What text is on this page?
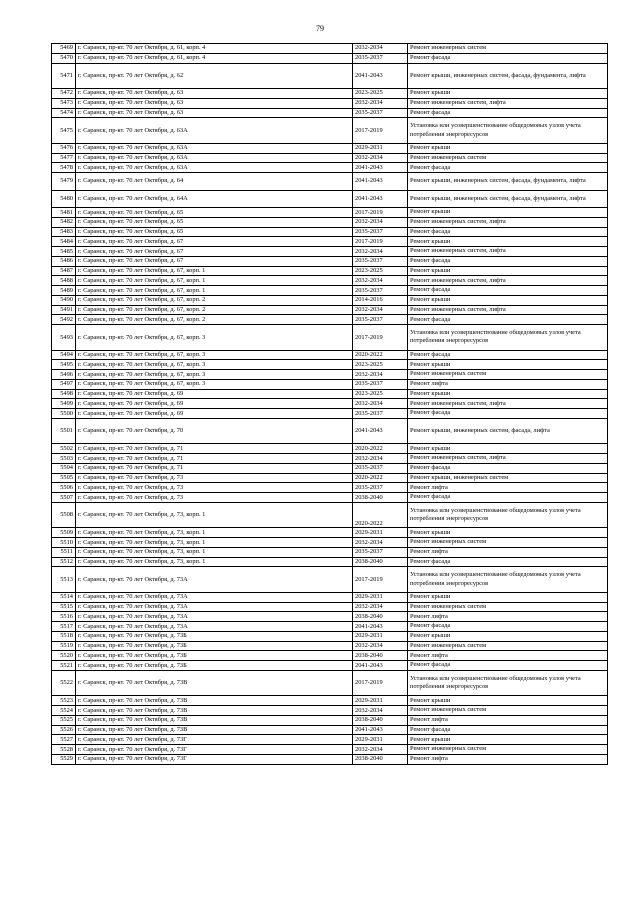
79
5469	г. Саранск, пр-кт. 70 лет Октября, д. 61, корп. 4	2032-2034	Ремонт инженерных систем

5470	г. Саранск, пр-кт. 70 лет Октября, д. 61, корп. 4	2035-2037	Ремонт фасада

5471	г. Саранск, пр-кт. 70 лет Октября, д. 62	2041-2043	Ремонт крыши, инженерных систем, фасада, фундамента, лифта

5472	г. Саранск, пр-кт. 70 лет Октября, д. 63	2023-2025	Ремонт крыши

5473	г. Саранск, пр-кт. 70 лет Октября, д. 63	2032-2034	Ремонт инженерных систем, лифта

5474	г. Саранск, пр-кт. 70 лет Октября, д. 63	2035-2037	Ремонт фасада

5475	г. Саранск, пр-кт. 70 лет Октября, д. 63А	2017-2019	Установка или усовершенствование общедомовых узлов учета потребления энергоресурсов

5476	г. Саранск, пр-кт. 70 лет Октября, д. 63А	2029-2031	Ремонт крыши

5477	г. Саранск, пр-кт. 70 лет Октября, д. 63А	2032-2034	Ремонт инженерных систем

5478	г. Саранск, пр-кт. 70 лет Октября, д. 63А	2041-2043	Ремонт фасада

5479	г. Саранск, пр-кт. 70 лет Октября, д. 64	2041-2043	Ремонт крыши, инженерных систем, фасада, фундамента, лифта

5480	г. Саранск, пр-кт. 70 лет Октября, д. 64А	2041-2043	Ремонт крыши, инженерных систем, фасада, фундамента, лифта

5481	г. Саранск, пр-кт. 70 лет Октября, д. 65	2017-2019	Ремонт крыши

5482	г. Саранск, пр-кт. 70 лет Октября, д. 65	2032-2034	Ремонт инженерных систем, лифта

5483	г. Саранск, пр-кт. 70 лет Октября, д. 65	2035-2037	Ремонт фасада

5484	г. Саранск, пр-кт. 70 лет Октября, д. 67	2017-2019	Ремонт крыши

5485	г. Саранск, пр-кт. 70 лет Октября, д. 67	2032-2034	Ремонт инженерных систем, лифта

5486	г. Саранск, пр-кт. 70 лет Октября, д. 67	2035-2037	Ремонт фасада

5487	г. Саранск, пр-кт. 70 лет Октября, д. 67, корп. 1	2023-2025	Ремонт крыши

5488	г. Саранск, пр-кт. 70 лет Октября, д. 67, корп. 1	2032-2034	Ремонт инженерных систем, лифта

5489	г. Саранск, пр-кт. 70 лет Октября, д. 67, корп. 1	2035-2037	Ремонт фасада

5490	г. Саранск, пр-кт. 70 лет Октября, д. 67, корп. 2	2014-2016	Ремонт крыши

5491	г. Саранск, пр-кт. 70 лет Октября, д. 67, корп. 2	2032-2034	Ремонт инженерных систем, лифта

5492	г. Саранск, пр-кт. 70 лет Октября, д. 67, корп. 2	2035-2037	Ремонт фасада

5493	г. Саранск, пр-кт. 70 лет Октября, д. 67, корп. 3	2017-2019	Установка или усовершенствование общедомовых узлов учета потребления энергоресурсов

5494	г. Саранск, пр-кт. 70 лет Октября, д. 67, корп. 3	2020-2022	Ремонт фасада

5495	г. Саранск, пр-кт. 70 лет Октября, д. 67, корп. 3	2023-2025	Ремонт крыши

5496	г. Саранск, пр-кт. 70 лет Октября, д. 67, корп. 3	2032-2034	Ремонт инженерных систем

5497	г. Саранск, пр-кт. 70 лет Октября, д. 67, корп. 3	2035-2037	Ремонт лифта

5498	г. Саранск, пр-кт. 70 лет Октября, д. 69	2023-2025	Ремонт крыши

5499	г. Саранск, пр-кт. 70 лет Октября, д. 69	2032-2034	Ремонт инженерных систем, лифта

5500	г. Саранск, пр-кт. 70 лет Октября, д. 69	2035-2037	Ремонт фасада

5501	г. Саранск, пр-кт. 70 лет Октября, д. 70	2041-2043	Ремонт крыши, инженерных систем, фасада, лифта

5502	г. Саранск, пр-кт. 70 лет Октября, д. 71	2020-2022	Ремонт крыши

5503	г. Саранск, пр-кт. 70 лет Октября, д. 71	2032-2034	Ремонт инженерных систем, лифта

5504	г. Саранск, пр-кт. 70 лет Октября, д. 71	2035-2037	Ремонт фасада

5505	г. Саранск, пр-кт. 70 лет Октября, д. 73	2020-2022	Ремонт крыши, инженерных систем

5506	г. Саранск, пр-кт. 70 лет Октября, д. 73	2035-2037	Ремонт лифта

5507	г. Саранск, пр-кт. 70 лет Октября, д. 73	2038-2040	Ремонт фасада

5508	г. Саранск, пр-кт. 70 лет Октября, д. 73, корп. 1	2020-2022	Установка или усовершенствование общедомовых узлов учета потребления энергоресурсов

5509	г. Саранск, пр-кт. 70 лет Октября, д. 73, корп. 1	2029-2031	Ремонт крыши

5510	г. Саранск, пр-кт. 70 лет Октября, д. 73, корп. 1	2032-2034	Ремонт инженерных систем

5511	г. Саранск, пр-кт. 70 лет Октября, д. 73, корп. 1	2035-2037	Ремонт лифта

5512	г. Саранск, пр-кт. 70 лет Октября, д. 73, корп. 1	2038-2040	Ремонт фасада

5513	г. Саранск, пр-кт. 70 лет Октября, д. 73А	2017-2019	Установка или усовершенствование общедомовых узлов учета потребления энергоресурсов

5514	г. Саранск, пр-кт. 70 лет Октября, д. 73А	2029-2031	Ремонт крыши

5515	г. Саранск, пр-кт. 70 лет Октября, д. 73А	2032-2034	Ремонт инженерных систем

5516	г. Саранск, пр-кт. 70 лет Октября, д. 73А	2038-2040	Ремонт лифта

5517	г. Саранск, пр-кт. 70 лет Октября, д. 73А	2041-2043	Ремонт фасада

5518	г. Саранск, пр-кт. 70 лет Октября, д. 73Б	2029-2031	Ремонт крыши

5519	г. Саранск, пр-кт. 70 лет Октября, д. 73Б	2032-2034	Ремонт инженерных систем

5520	г. Саранск, пр-кт. 70 лет Октября, д. 73Б	2038-2040	Ремонт лифта

5521	г. Саранск, пр-кт. 70 лет Октября, д. 73Б	2041-2043	Ремонт фасада

5522	г. Саранск, пр-кт. 70 лет Октября, д. 73В	2017-2019	Установка или усовершенствование общедомовых узлов учета потребления энергоресурсов

5523	г. Саранск, пр-кт. 70 лет Октября, д. 73В	2029-2031	Ремонт крыши

5524	г. Саранск, пр-кт. 70 лет Октября, д. 73В	2032-2034	Ремонт инженерных систем

5525	г. Саранск, пр-кт. 70 лет Октября, д. 73В	2038-2040	Ремонт лифта

5526	г. Саранск, пр-кт. 70 лет Октября, д. 73В	2041-2043	Ремонт фасада

5527	г. Саранск, пр-кт. 70 лет Октября, д. 73Г	2029-2031	Ремонт крыши

5528	г. Саранск, пр-кт. 70 лет Октября, д. 73Г	2032-2034	Ремонт инженерных систем

5529	г. Саранск, пр-кт. 70 лет Октября, д. 73Г	2038-2040	Ремонт лифта
